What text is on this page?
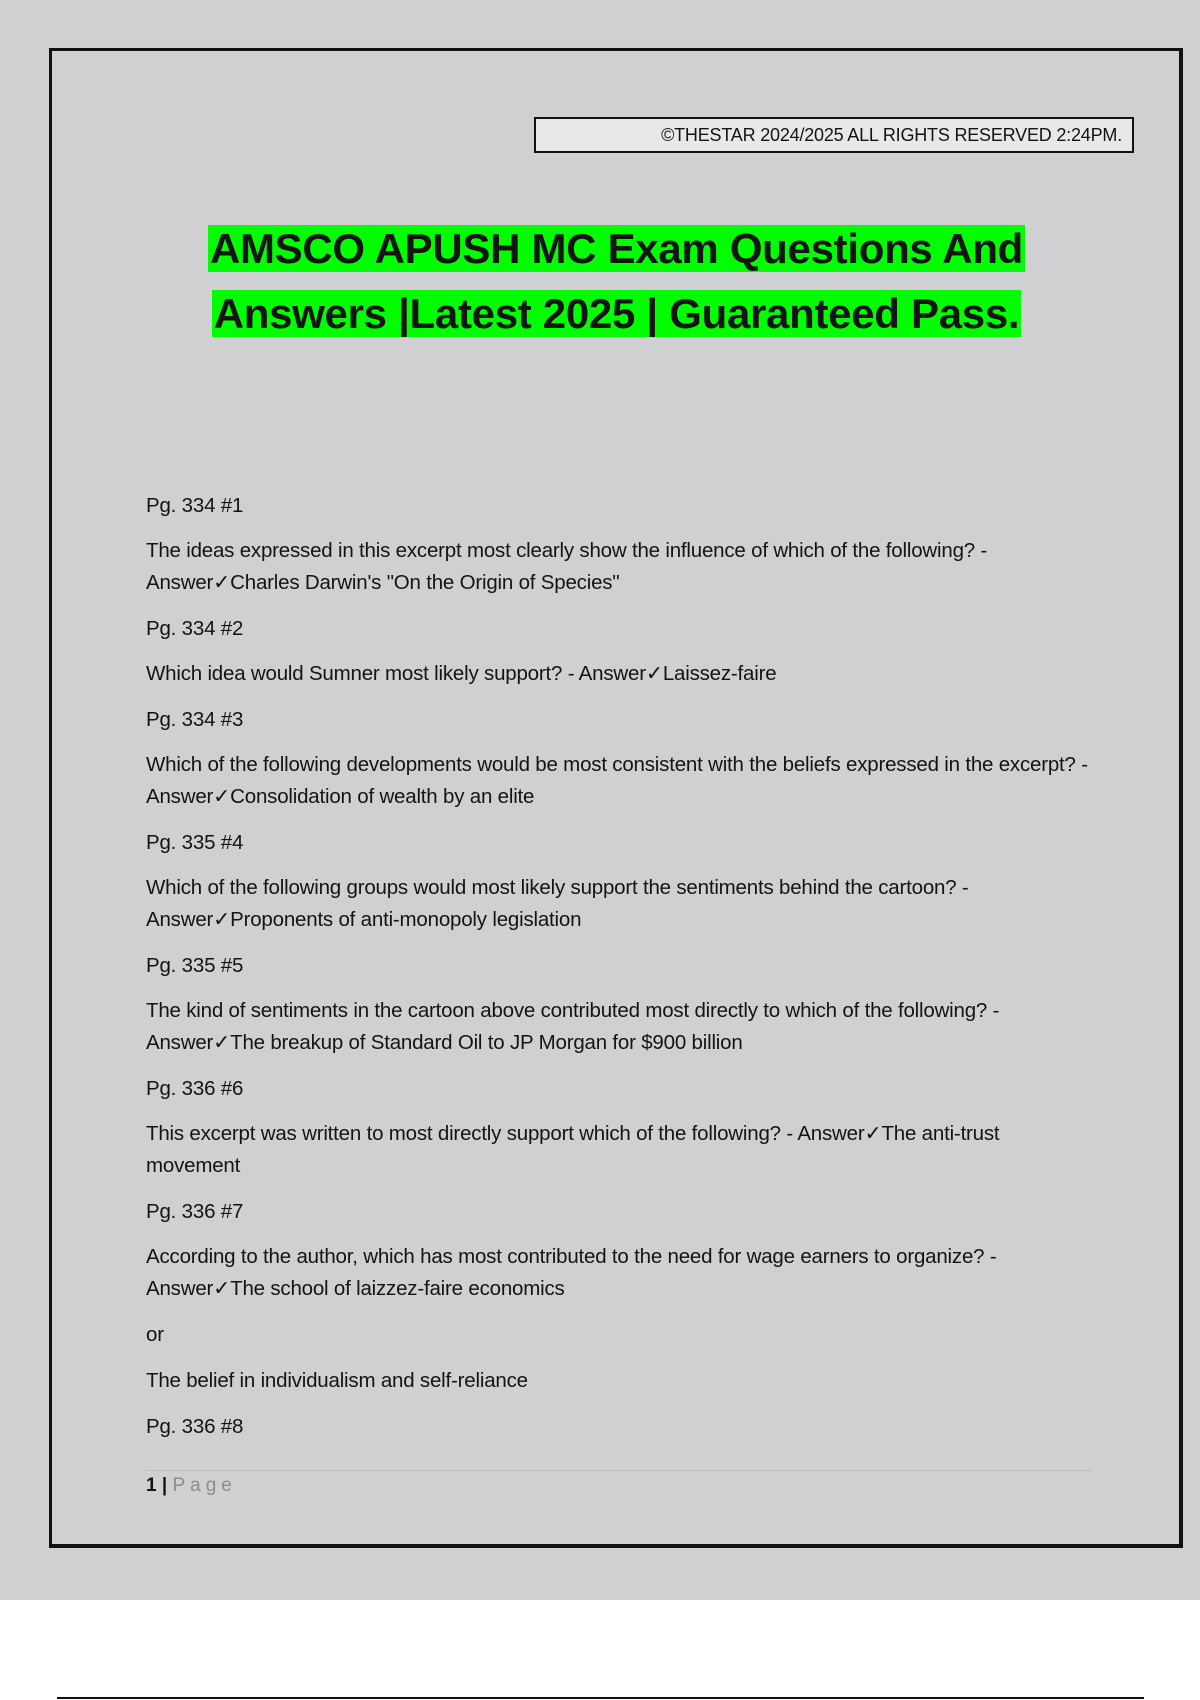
©THESTAR 2024/2025 ALL RIGHTS RESERVED 2:24PM.
AMSCO APUSH MC Exam Questions And
Answers |Latest 2025 | Guaranteed Pass.

Pg. 334 #1

The ideas expressed in this excerpt most clearly show the influence of which of the following? - Answer✓Charles Darwin's "On the Origin of Species"

Pg. 334 #2

Which idea would Sumner most likely support? - Answer✓Laissez-faire

Pg. 334 #3

Which of the following developments would be most consistent with the beliefs expressed in the excerpt? - Answer✓Consolidation of wealth by an elite

Pg. 335 #4

Which of the following groups would most likely support the sentiments behind the cartoon? - Answer✓Proponents of anti-monopoly legislation

Pg. 335 #5

The kind of sentiments in the cartoon above contributed most directly to which of the following? - Answer✓The breakup of Standard Oil to JP Morgan for $900 billion

Pg. 336 #6

This excerpt was written to most directly support which of the following? - Answer✓The anti-trust movement

Pg. 336 #7

According to the author, which has most contributed to the need for wage earners to organize? - Answer✓The school of laizzez-faire economics

or

The belief in individualism and self-reliance

Pg. 336 #8

1 | Page
